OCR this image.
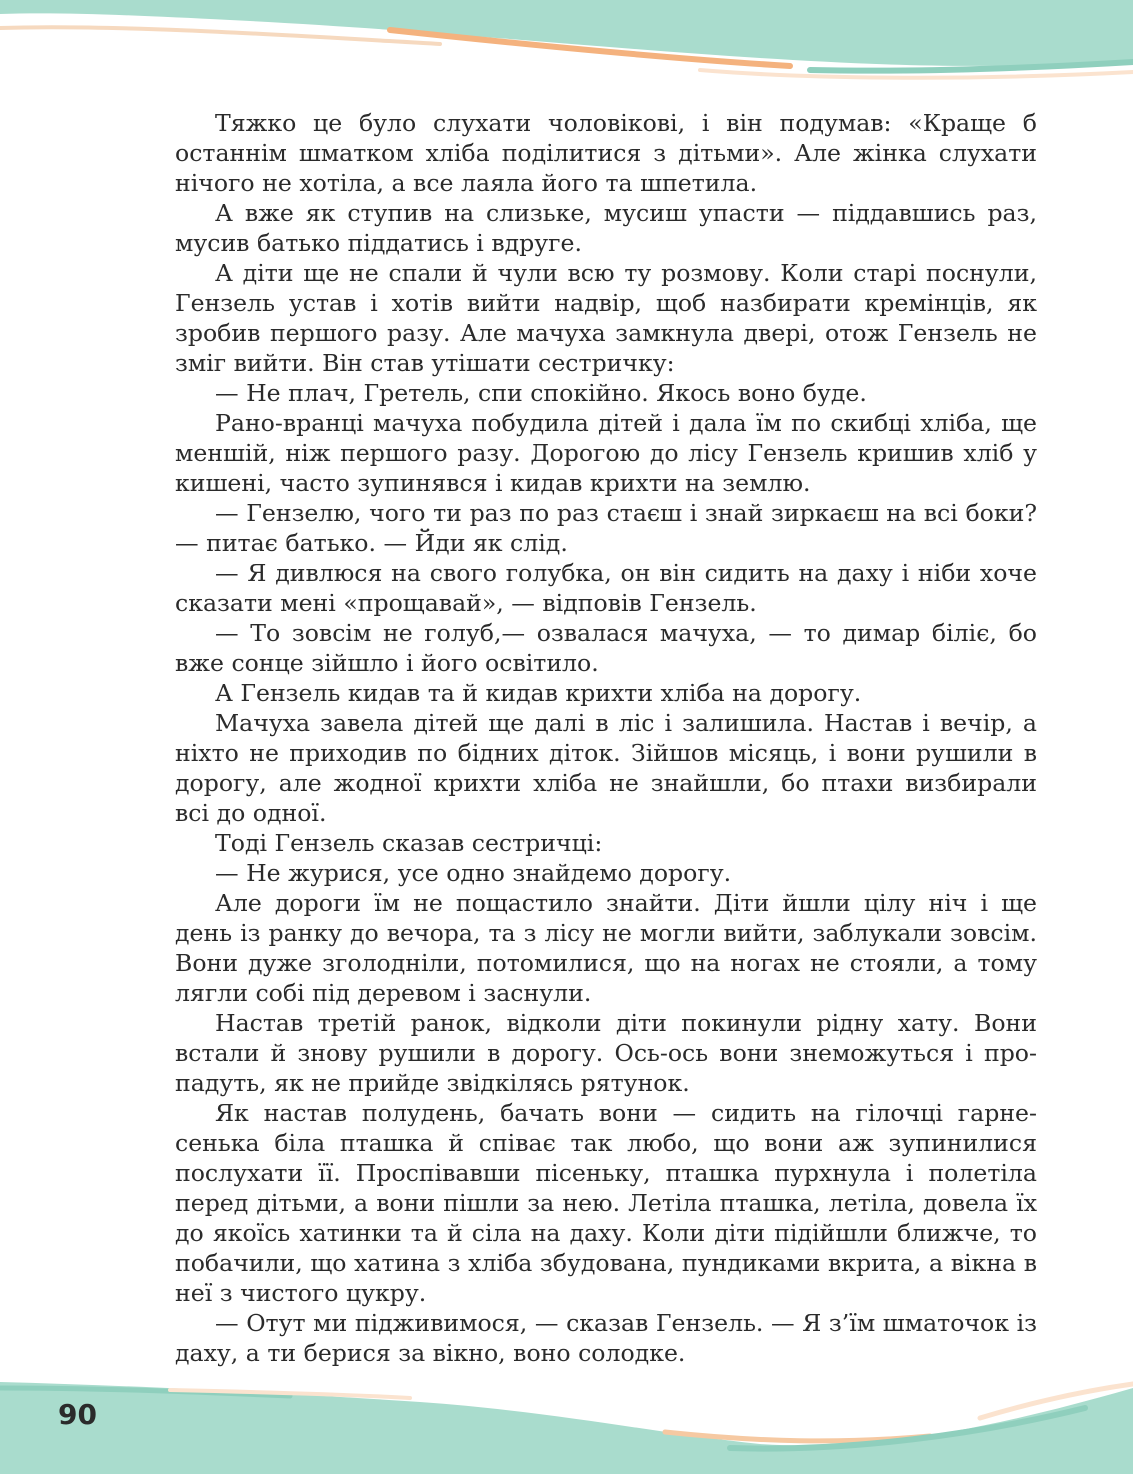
Тяжко це було слухати чоловікові, і він подумав: «Краще б останнім шматком хліба поділитися з дітьми». Але жінка слухати нічого не хотіла, а все лаяла його та шпетила.

А вже як ступив на слизьке, мусиш упасти — піддавшись раз, мусив батько піддатись і вдруге.

А діти ще не спали й чули всю ту розмову. Коли старі поснули, Гензель устав і хотів вийти надвір, щоб назбирати кремінців, як зробив першого разу. Але мачуха замкнула двері, отож Гензель не зміг вийти. Він став утішати сестричку:

— Не плач, Гретель, спи спокійно. Якось воно буде.

Рано-вранці мачуха побудила дітей і дала їм по скибці хліба, ще меншій, ніж першого разу. Дорогою до лісу Гензель кришив хліб у кишені, часто зупинявся і кидав крихти на землю.

— Гензелю, чого ти раз по раз стаєш і знай зиркаєш на всі боки? — питає батько. — Йди як слід.

— Я дивлюся на свого голубка, он він сидить на даху і ніби хоче сказати мені «прощавай», — відповів Гензель.

— То зовсім не голуб,— озвалася мачуха, — то димар біліє, бо вже сонце зійшло і його освітило.

А Гензель кидав та й кидав крихти хліба на дорогу.

Мачуха завела дітей ще далі в ліс і залишила. Настав і вечір, а ніхто не приходив по бідних діток. Зійшов місяць, і вони рушили в дорогу, але жодної крихти хліба не знайшли, бо птахи визбирали всі до одної.

Тоді Гензель сказав сестричці:

— Не журися, усе одно знайдемо дорогу.

Але дороги їм не пощастило знайти. Діти йшли цілу ніч і ще день із ранку до вечора, та з лісу не могли вийти, заблукали зовсім. Вони дуже зголодніли, потомилися, що на ногах не стояли, а тому лягли собі під деревом і заснули.

Настав третій ранок, відколи діти покинули рідну хату. Вони встали й знову рушили в дорогу. Ось-ось вони знеможуться і пропадуть, як не прийде звідкілясь рятунок.

Як настав полудень, бачать вони — сидить на гілочці гарнесенька біла пташка й співає так любо, що вони аж зупинилися послухати її. Проспівавши пісеньку, пташка пурхнула і полетіла перед дітьми, а вони пішли за нею. Летіла пташка, летіла, довела їх до якоїсь хатинки та й сіла на даху. Коли діти підійшли ближче, то побачили, що хатина з хліба збудована, пундиками вкрита, а вікна в неї з чистого цукру.

— Отут ми підживимося, — сказав Гензель. — Я з’їм шматочок із даху, а ти берися за вікно, воно солодке.

90
